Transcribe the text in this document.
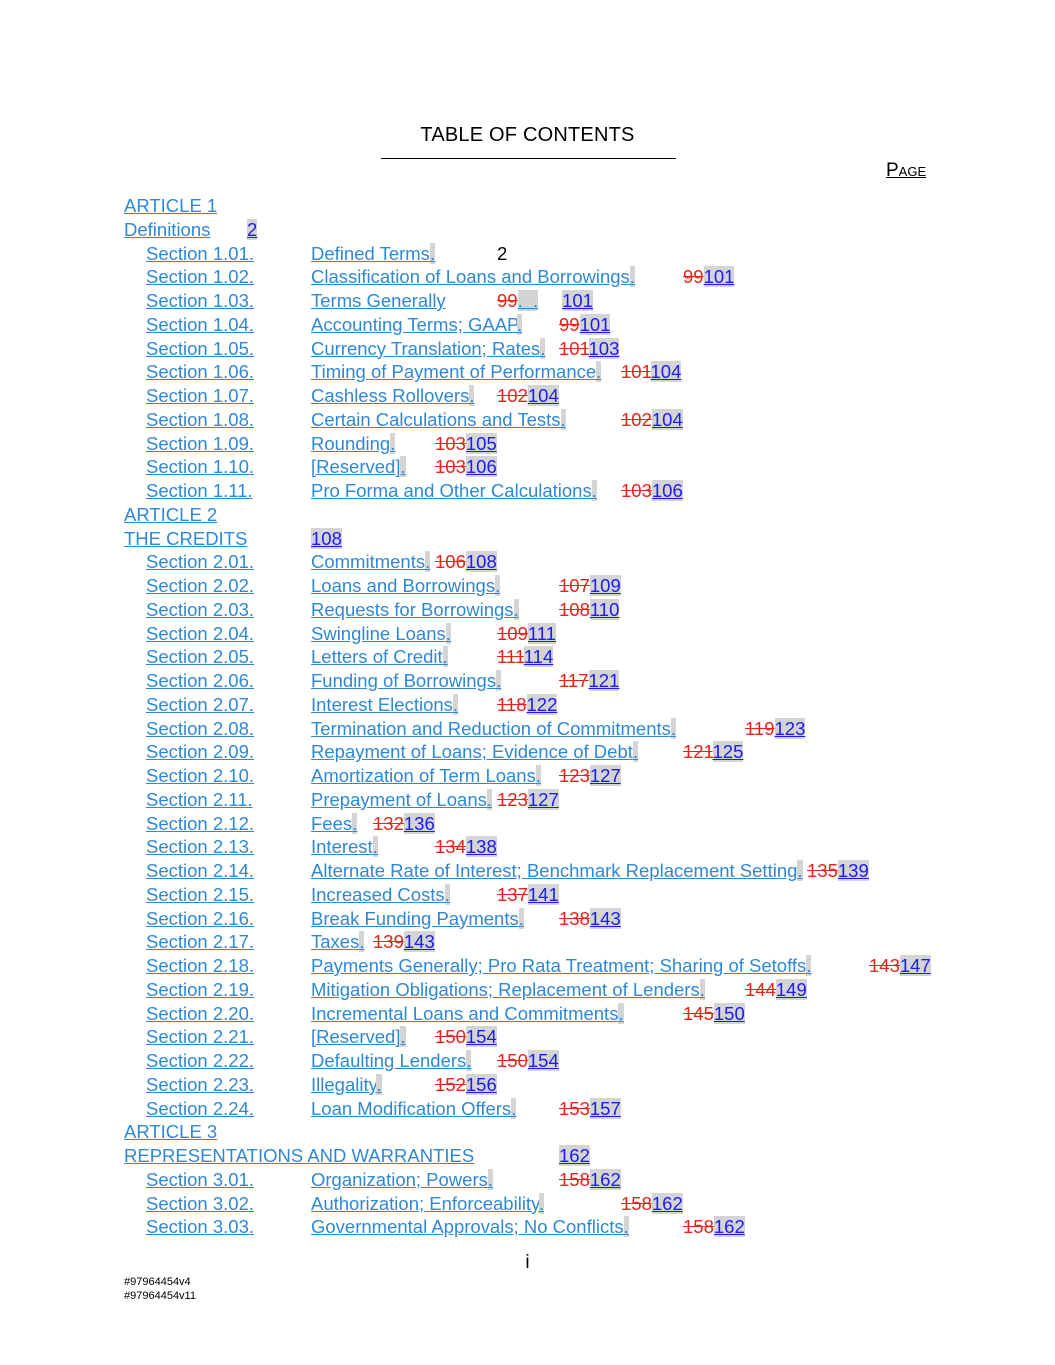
TABLE OF CONTENTS
Page
ARTICLE 1
Definitions 2
Section 1.01.	Defined Terms.	2
Section 1.02.	Classification of Loans and Borrowings.	99101
Section 1.03.	Terms Generally	99.  . 101
Section 1.04.	Accounting Terms; GAAP. 99101
Section 1.05.	Currency Translation; Rates. 101103
Section 1.06.	Timing of Payment of Performance. 101104
Section 1.07.	Cashless Rollovers. 102104
Section 1.08.	Certain Calculations and Tests.	102104
Section 1.09.	Rounding. 103105
Section 1.10.	[Reserved]. 103106
Section 1.11.	Pro Forma and Other Calculations. 103106
ARTICLE 2
THE CREDITS	108
Section 2.01.	Commitments. 106108
Section 2.02.	Loans and Borrowings.	107109
Section 2.03.	Requests for Borrowings. 108110
Section 2.04.	Swingline Loans. 109111
Section 2.05.	Letters of Credit.	111114
Section 2.06.	Funding of Borrowings.	117121
Section 2.07.	Interest Elections. 118122
Section 2.08.	Termination and Reduction of Commitments.	119123
Section 2.09.	Repayment of Loans; Evidence of Debt. 121125
Section 2.10.	Amortization of Term Loans. 123127
Section 2.11.	Prepayment of Loans. 123127
Section 2.12.	Fees. 132136
Section 2.13.	Interest.	134138
Section 2.14.	Alternate Rate of Interest; Benchmark Replacement Setting. 135139
Section 2.15.	Increased Costs.	137141
Section 2.16.	Break Funding Payments. 138143
Section 2.17.	Taxes. 139143
Section 2.18.	Payments Generally; Pro Rata Treatment; Sharing of Setoffs.	143147
Section 2.19.	Mitigation Obligations; Replacement of Lenders. 144149
Section 2.20.	Incremental Loans and Commitments.	145150
Section 2.21.	[Reserved]. 150154
Section 2.22.	Defaulting Lenders. 150154
Section 2.23.	Illegality.	152156
Section 2.24.	Loan Modification Offers. 153157
ARTICLE 3
REPRESENTATIONS AND WARRANTIES	162
Section 3.01.	Organization; Powers.	158162
Section 3.02.	Authorization; Enforceability.	158162
Section 3.03.	Governmental Approvals; No Conflicts.	158162
i
#97964454v4
#97964454v11
